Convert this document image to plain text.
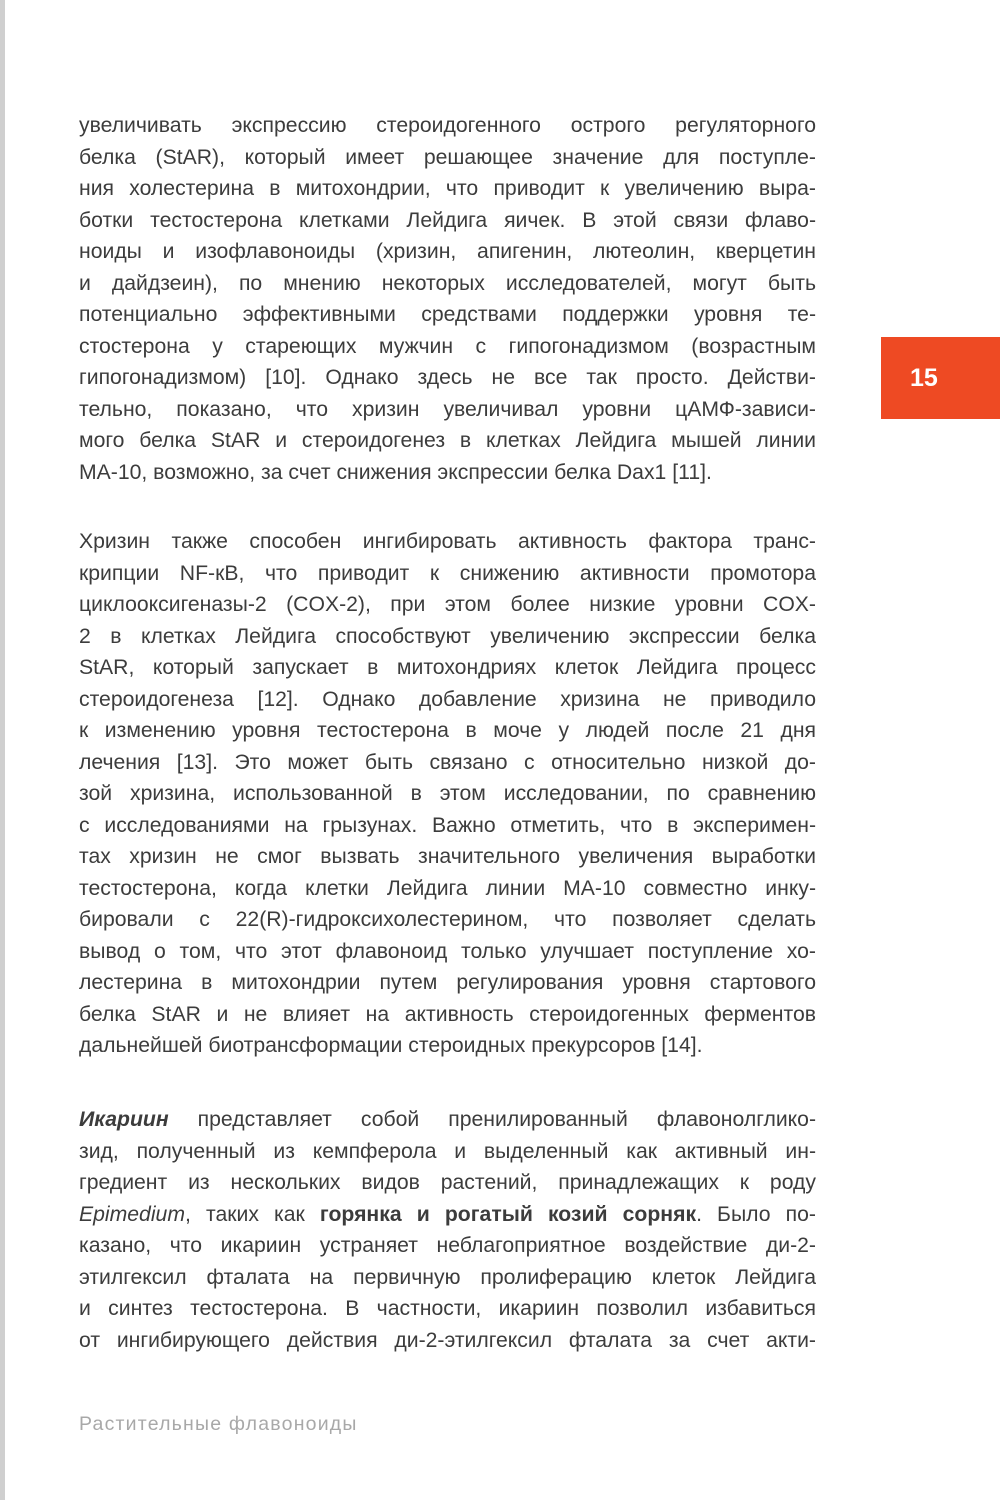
увеличивать экспрессию стероидогенного острого регуляторного
белка (StAR), который имеет решающее значение для поступле-
ния холестерина в митохондрии, что приводит к увеличению выра-
ботки тестостерона клетками Лейдига яичек. В этой связи флаво-
ноиды и изофлавоноиды (хризин, апигенин, лютеолин, кверцетин
и дайдзеин), по мнению некоторых исследователей, могут быть
потенциально эффективными средствами поддержки уровня те-
стостерона у стареющих мужчин с гипогонадизмом (возрастным
гипогонадизмом) [10]. Однако здесь не все так просто. Действи-
тельно, показано, что хризин увеличивал уровни цАМФ-зависи-
мого белка StAR и стероидогенез в клетках Лейдига мышей линии
MA-10, возможно, за счет снижения экспрессии белка Dax1 [11].
Хризин также способен ингибировать активность фактора транс-
крипции NF-кB, что приводит к снижению активности промотора
циклооксигеназы-2 (COX-2), при этом более низкие уровни COX-
2 в клетках Лейдига способствуют увеличению экспрессии белка
StAR, который запускает в митохондриях клеток Лейдига процесс
стероидогенеза [12]. Однако добавление хризина не приводило
к изменению уровня тестостерона в моче у людей после 21 дня
лечения [13]. Это может быть связано с относительно низкой до-
зой хризина, использованной в этом исследовании, по сравнению
с исследованиями на грызунах. Важно отметить, что в эксперимен-
тах хризин не смог вызвать значительного увеличения выработки
тестостерона, когда клетки Лейдига линии MA-10 совместно инку-
бировали с 22(R)-гидроксихолестерином, что позволяет сделать
вывод о том, что этот флавоноид только улучшает поступление хо-
лестерина в митохондрии путем регулирования уровня стартового
белка StAR и не влияет на активность стероидогенных ферментов
дальнейшей биотрансформации стероидных прекурсоров [14].
Икариин представляет собой пренилированный флавонолглико-
зид, полученный из кемпферола и выделенный как активный ин-
гредиент из нескольких видов растений, принадлежащих к роду
Epimedium, таких как горянка и рогатый козий сорняк. Было по-
казано, что икариин устраняет неблагоприятное воздействие ди-2-
этилгексил фталата на первичную пролиферацию клеток Лейдига
и синтез тестостерона. В частности, икариин позволил избавиться
от ингибирующего действия ди-2-этилгексил фталата за счет акти-
15
Растительные флавоноиды
